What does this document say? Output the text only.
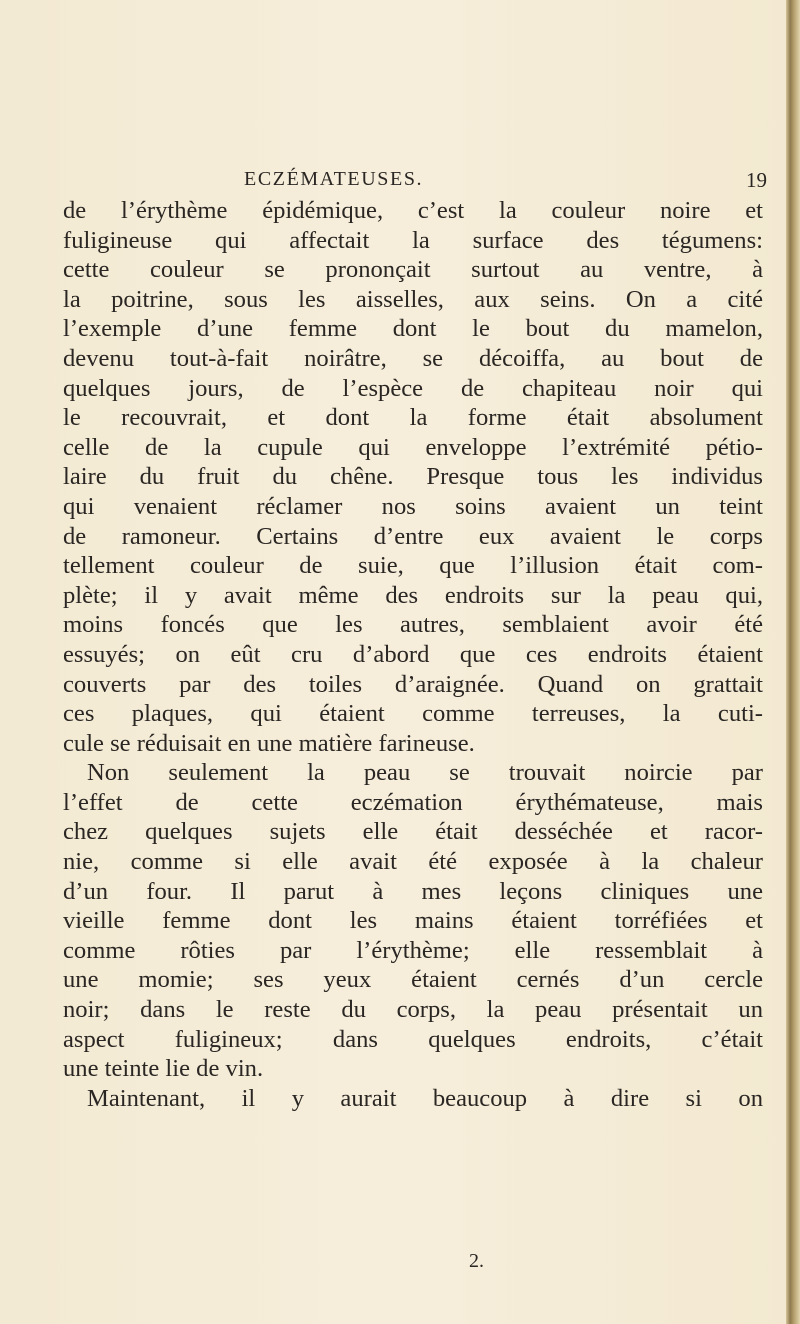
ECZÉMATEUSES.	19
de l’érythème épidémique, c’est la couleur noire et
fuligineuse qui affectait la surface des tégumens:
cette couleur se prononçait surtout au ventre, à
la poitrine, sous les aisselles, aux seins. On a cité
l’exemple d’une femme dont le bout du mamelon,
devenu tout-à-fait noirâtre, se décoiffa, au bout de
quelques jours, de l’espèce de chapiteau noir qui
le recouvrait, et dont la forme était absolument
celle de la cupule qui enveloppe l’extrémité pétio-
laire du fruit du chêne. Presque tous les individus
qui venaient réclamer nos soins avaient un teint
de ramoneur. Certains d’entre eux avaient le corps
tellement couleur de suie, que l’illusion était com-
plète; il y avait même des endroits sur la peau qui,
moins foncés que les autres, semblaient avoir été
essuyés; on eût cru d’abord que ces endroits étaient
couverts par des toiles d’araignée. Quand on grattait
ces plaques, qui étaient comme terreuses, la cuti-
cule se réduisait en une matière farineuse.
Non seulement la peau se trouvait noircie par
l’effet de cette eczémation érythémateuse, mais
chez quelques sujets elle était desséchée et racor-
nie, comme si elle avait été exposée à la chaleur
d’un four. Il parut à mes leçons cliniques une
vieille femme dont les mains étaient torréfiées et
comme rôties par l’érythème; elle ressemblait à
une momie; ses yeux étaient cernés d’un cercle
noir; dans le reste du corps, la peau présentait un
aspect fuligineux; dans quelques endroits, c’était
une teinte lie de vin.
Maintenant, il y aurait beaucoup à dire si on
2.
